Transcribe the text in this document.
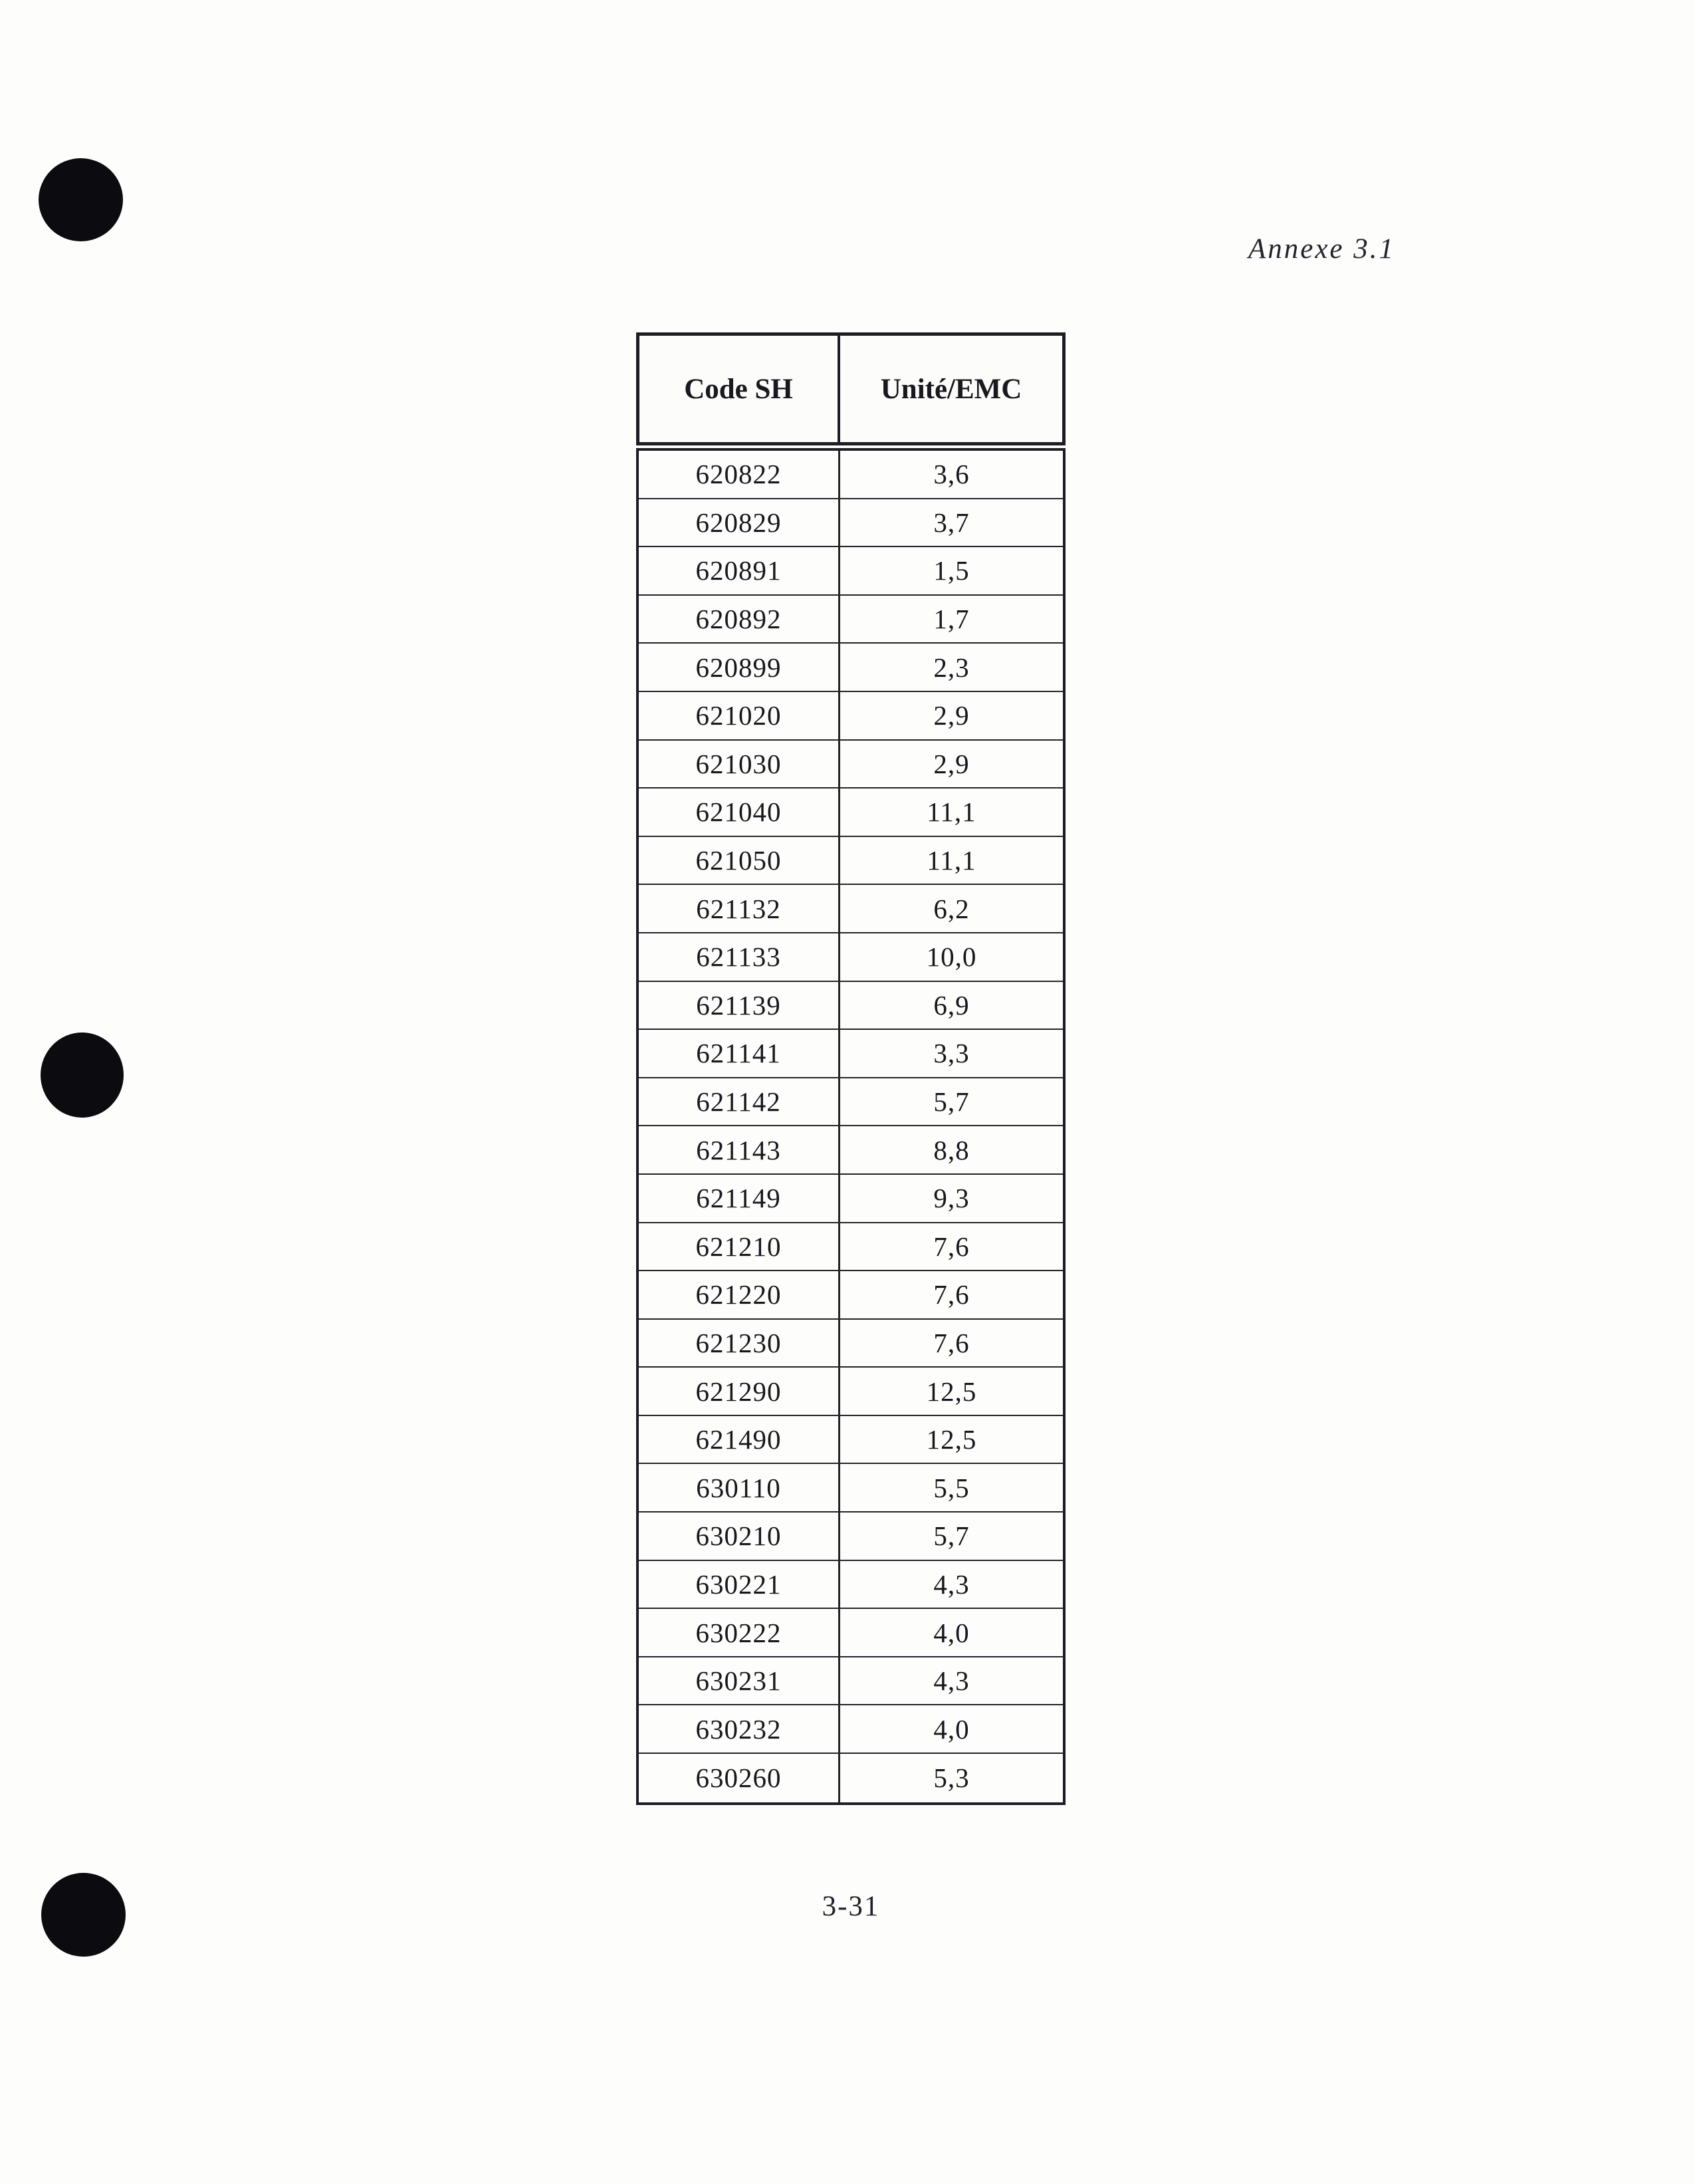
Annexe 3.1
Code SH	Unité/EMC
620822	3,6
620829	3,7
620891	1,5
620892	1,7
620899	2,3
621020	2,9
621030	2,9
621040	11,1
621050	11,1
621132	6,2
621133	10,0
621139	6,9
621141	3,3
621142	5,7
621143	8,8
621149	9,3
621210	7,6
621220	7,6
621230	7,6
621290	12,5
621490	12,5
630110	5,5
630210	5,7
630221	4,3
630222	4,0
630231	4,3
630232	4,0
630260	5,3
3-31
